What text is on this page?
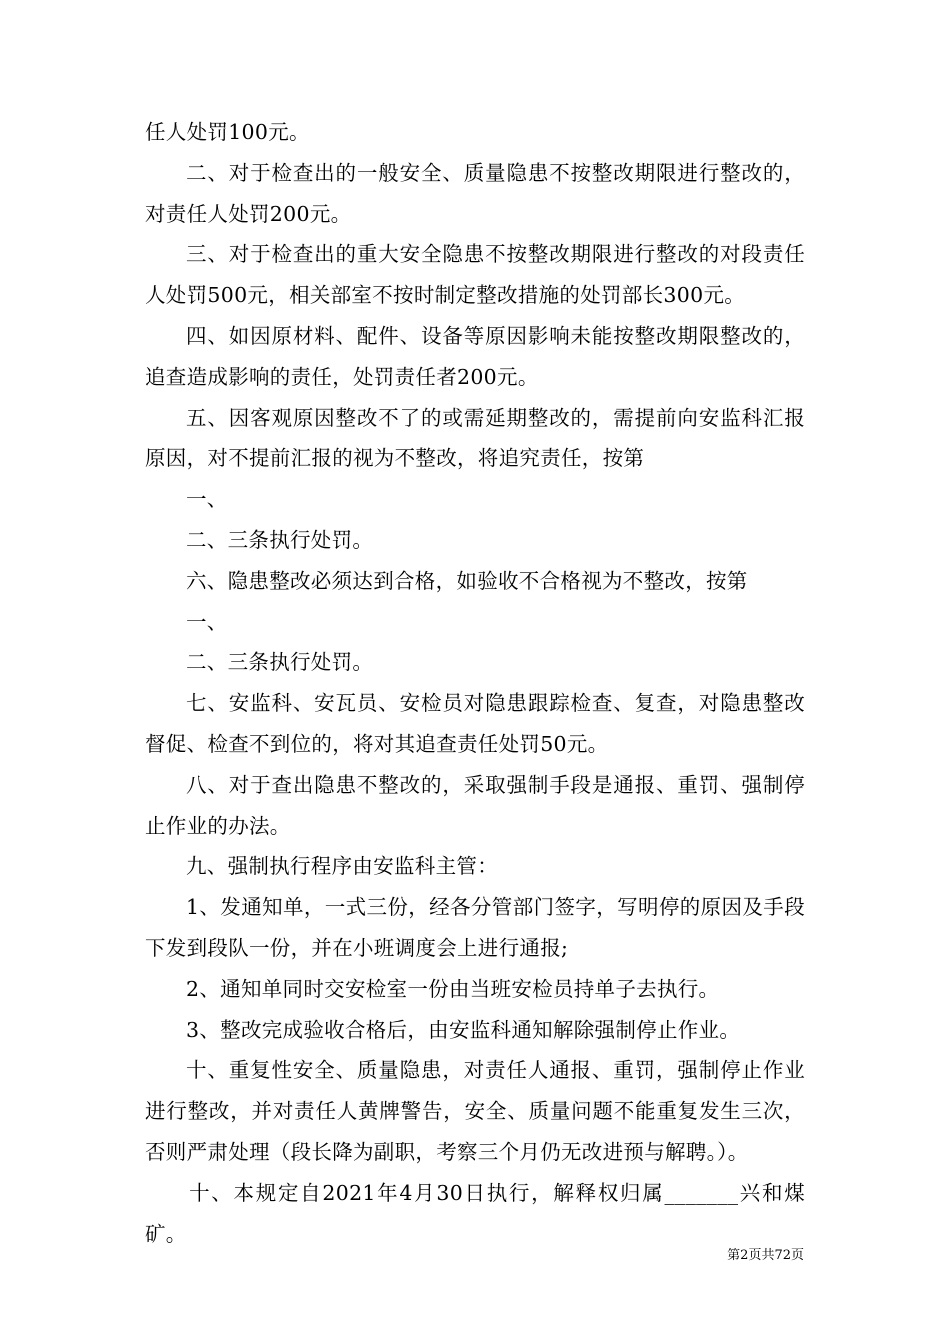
任人处罚100元。

二、对于检查出的一般安全、质量隐患不按整改期限进行整改的，对责任人处罚200元。

三、对于检查出的重大安全隐患不按整改期限进行整改的对段责任人处罚500元，相关部室不按时制定整改措施的处罚部长300元。

四、如因原材料、配件、设备等原因影响未能按整改期限整改的，追查造成影响的责任，处罚责任者200元。

五、因客观原因整改不了的或需延期整改的，需提前向安监科汇报原因，对不提前汇报的视为不整改，将追究责任，按第

一、

二、三条执行处罚。

六、隐患整改必须达到合格，如验收不合格视为不整改，按第

一、

二、三条执行处罚。

七、安监科、安瓦员、安检员对隐患跟踪检查、复查，对隐患整改督促、检查不到位的，将对其追查责任处罚50元。

八、对于查出隐患不整改的，采取强制手段是通报、重罚、强制停止作业的办法。

九、强制执行程序由安监科主管：

1、发通知单，一式三份，经各分管部门签字，写明停的原因及手段下发到段队一份，并在小班调度会上进行通报;

2、通知单同时交安检室一份由当班安检员持单子去执行。

3、整改完成验收合格后，由安监科通知解除强制停止作业。

十、重复性安全、质量隐患，对责任人通报、重罚，强制停止作业进行整改，并对责任人黄牌警告，安全、质量问题不能重复发生三次，否则严肃处理（段长降为副职，考察三个月仍无改进预与解聘。）。

十、本规定自2021年4月30日执行，解释权归属_______兴和煤矿。

第2页共72页
